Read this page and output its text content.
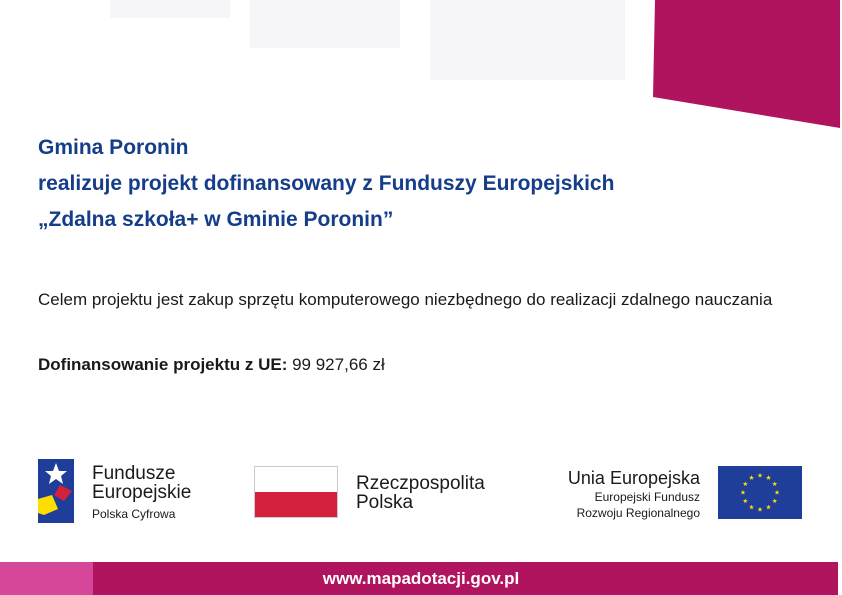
Gmina Poronin
realizuje projekt dofinansowany z Funduszy Europejskich
„Zdalna szkoła+ w Gminie Poronin”
Celem projektu jest zakup sprzętu komputerowego niezbędnego do realizacji zdalnego nauczania
Dofinansowanie projektu z UE: 99 927,66 zł
Fundusze
Europejskie
Polska Cyfrowa
Rzeczpospolita
Polska
Unia Europejska
Europejski Fundusz
Rozwoju Regionalnego
www.mapadotacji.gov.pl
